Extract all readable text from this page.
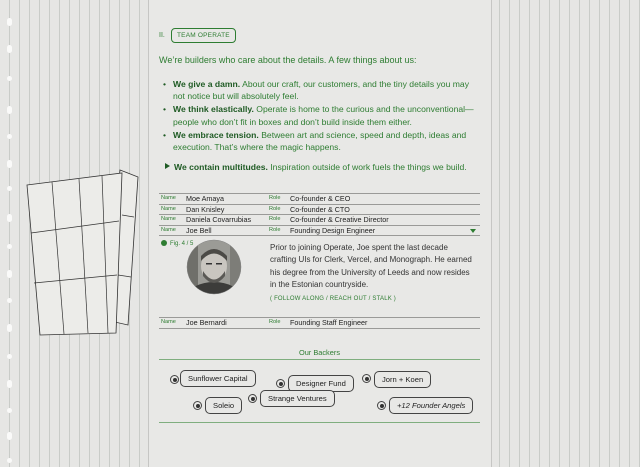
II.	TEAM OPERATE
We’re builders who care about the details. A few things about us:
• We give a damn. About our craft, our customers, and the tiny details you may not notice but will absolutely feel.
• We think elastically. Operate is home to the curious and the unconventional—people who don’t fit in boxes and don’t build inside them either.
• We embrace tension. Between art and science, speed and depth, ideas and execution. That’s where the magic happens.
We contain multitudes. Inspiration outside of work fuels the things we build.
Name Moe Amaya	Role Co-founder & CEO
Name Dan Knisley	Role Co-founder & CTO
Name Daniela Covarrubias	Role Co-founder & Creative Director
Name Joe Bell	Role Founding Design Engineer
Fig. 4 / 5
Name Joe Bernardi	Role Founding Staff Engineer
Prior to joining Operate, Joe spent the last decade crafting UIs for Clerk, Vercel, and Monograph. He earned his degree from the University of Leeds and now resides in the Estonian countryside.
( FOLLOW ALONG / REACH OUT / STALK )
Our Backers
Sunflower Capital
Designer Fund	Jorn + Koen
Strange Ventures
Soleio	+12 Founder Angels
